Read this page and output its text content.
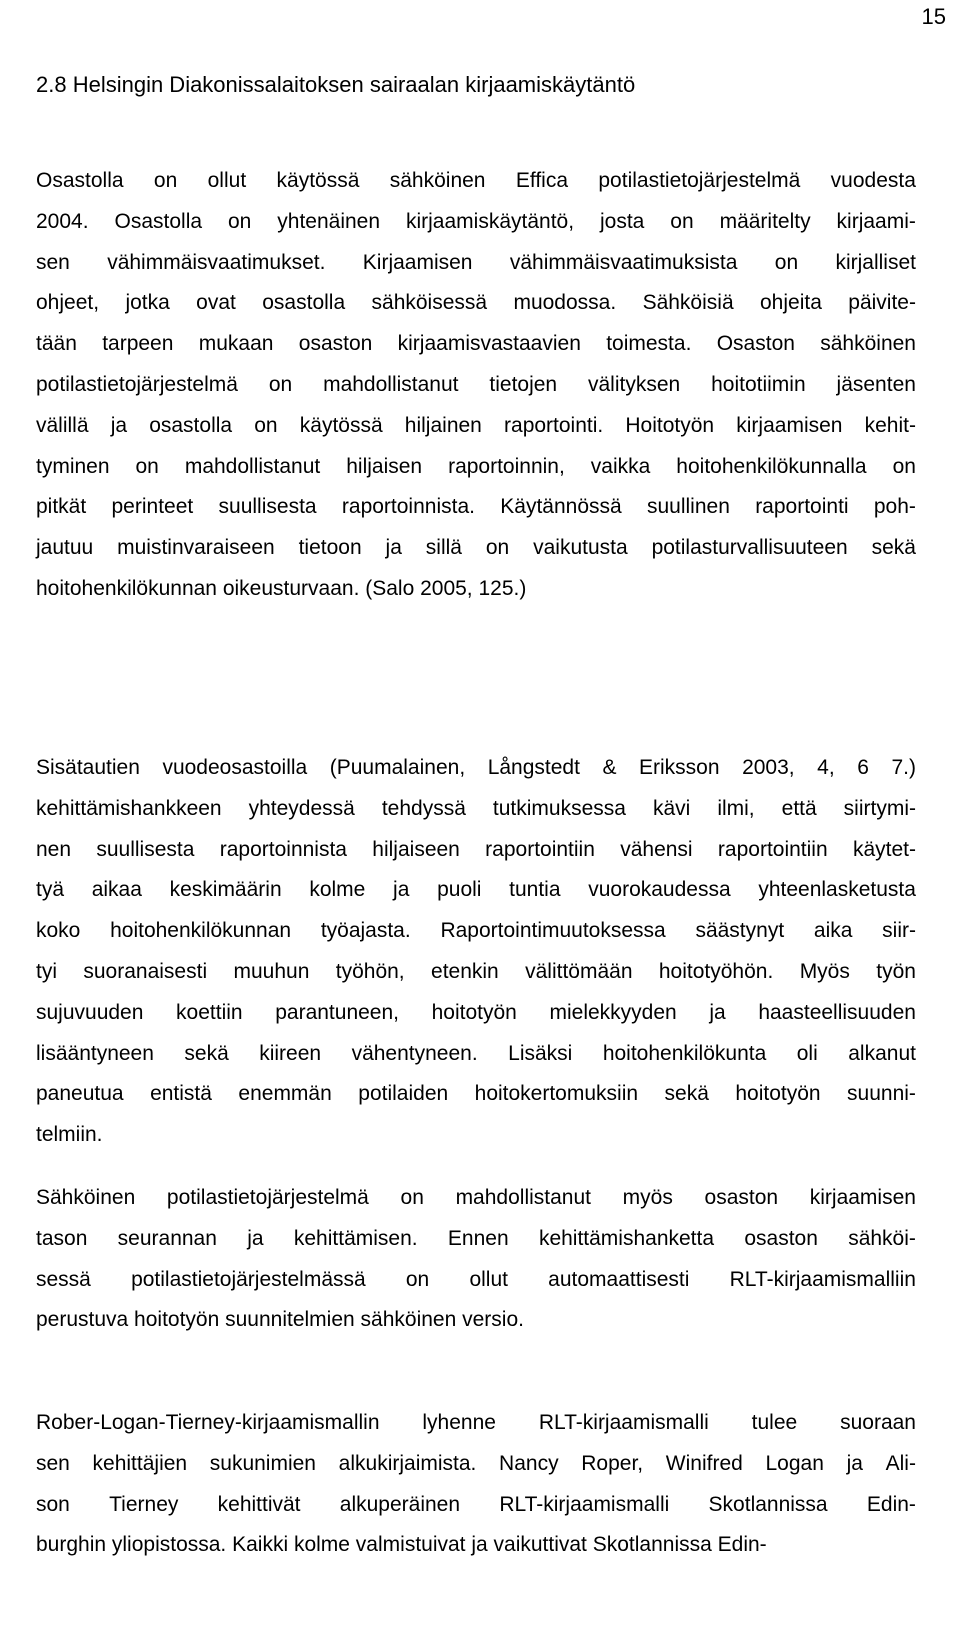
15
2.8 Helsingin Diakonissalaitoksen sairaalan kirjaamiskäytäntö
Osastolla on ollut käytössä sähköinen Effica potilastietojärjestelmä vuodesta
2004. Osastolla on yhtenäinen kirjaamiskäytäntö, josta on määritelty kirjaami-
sen vähimmäisvaatimukset. Kirjaamisen vähimmäisvaatimuksista on kirjalliset
ohjeet, jotka ovat osastolla sähköisessä muodossa. Sähköisiä ohjeita päivite-
tään tarpeen mukaan osaston kirjaamisvastaavien toimesta. Osaston sähköinen
potilastietojärjestelmä on mahdollistanut tietojen välityksen hoitotiimin jäsenten
välillä ja osastolla on käytössä hiljainen raportointi. Hoitotyön kirjaamisen kehit-
tyminen on mahdollistanut hiljaisen raportoinnin, vaikka hoitohenkilökunnalla on
pitkät perinteet suullisesta raportoinnista. Käytännössä suullinen raportointi poh-
jautuu muistinvaraiseen tietoon ja sillä on vaikutusta potilasturvallisuuteen sekä
hoitohenkilökunnan oikeusturvaan. (Salo 2005, 125.)
Sisätautien vuodeosastoilla (Puumalainen, Långstedt & Eriksson 2003, 4, 6 7.)
kehittämishankkeen yhteydessä tehdyssä tutkimuksessa kävi ilmi, että siirtymi-
nen suullisesta raportoinnista hiljaiseen raportointiin vähensi raportointiin käytet-
tyä aikaa keskimäärin kolme ja puoli tuntia vuorokaudessa yhteenlasketusta
koko hoitohenkilökunnan työajasta. Raportointimuutoksessa säästynyt aika siir-
tyi suoranaisesti muuhun työhön, etenkin välittömään hoitotyöhön. Myös työn
sujuvuuden koettiin parantuneen, hoitotyön mielekkyyden ja haasteellisuuden
lisääntyneen sekä kiireen vähentyneen. Lisäksi hoitohenkilökunta oli alkanut
paneutua entistä enemmän potilaiden hoitokertomuksiin sekä hoitotyön suunni-
telmiin.
Sähköinen potilastietojärjestelmä on mahdollistanut myös osaston kirjaamisen
tason seurannan ja kehittämisen. Ennen kehittämishanketta osaston sähköi-
sessä potilastietojärjestelmässä on ollut automaattisesti RLT-kirjaamismalliin
perustuva hoitotyön suunnitelmien sähköinen versio.
Rober-Logan-Tierney-kirjaamismallin lyhenne RLT-kirjaamismalli tulee suoraan
sen kehittäjien sukunimien alkukirjaimista. Nancy Roper, Winifred Logan ja Ali-
son Tierney kehittivät alkuperäinen RLT-kirjaamismalli Skotlannissa Edin-
burghin yliopistossa. Kaikki kolme valmistuivat ja vaikuttivat Skotlannissa Edin-
